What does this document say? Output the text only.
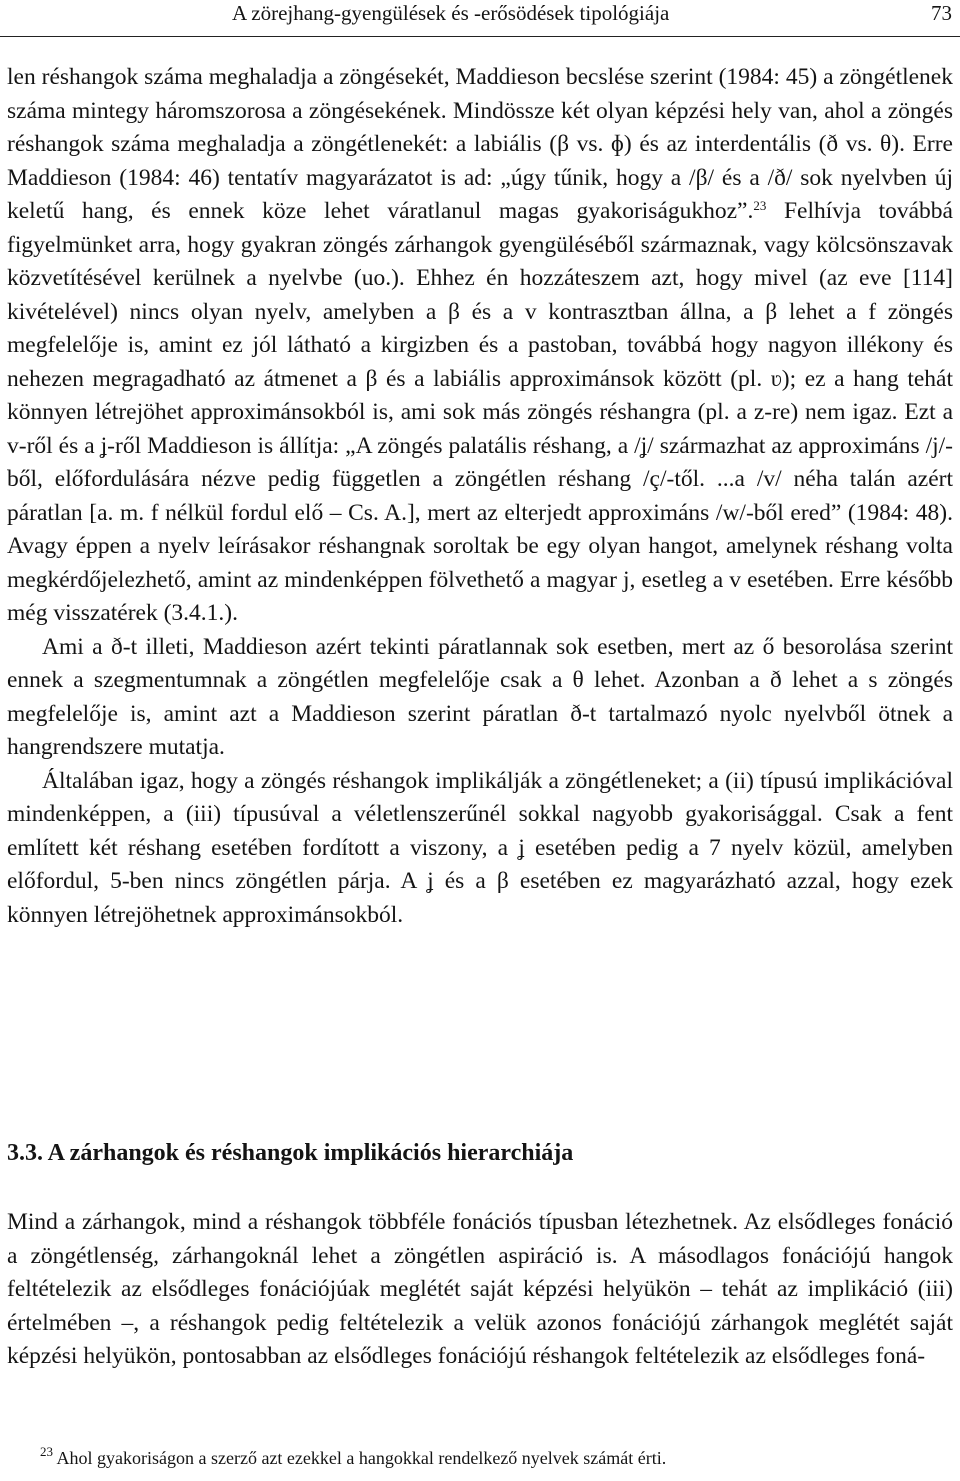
A zörejhang-gyengülések és -erősödések tipológiája	73

len réshangok száma meghaladja a zöngésekét, Maddieson becslése szerint (1984: 45) a zöngétlenek száma mintegy háromszorosa a zöngésekének. Mindössze két olyan képzési hely van, ahol a zöngés réshangok száma meghaladja a zöngétlenekét: a labiális (β vs. ɸ) és az interdentális (ð vs. θ). Erre Maddieson (1984: 46) tentatív magyarázatot is ad: „úgy tűnik, hogy a /β/ és a /ð/ sok nyelvben új keletű hang, és ennek köze lehet váratlanul magas gyakoriságukhoz”.$^{23}$ Felhívja továbbá figyelmünket arra, hogy gyakran zöngés zárhangok gyengüléséből származnak, vagy kölcsönszavak közvetítésével kerülnek a nyelvbe (uo.). Ehhez én hozzáteszem azt, hogy mivel (az eve [114] kivételével) nincs olyan nyelv, amelyben a β és a v kontrasztban állna, a β lehet a f zöngés megfelelője is, amint ez jól látható a kirgizben és a pastoban, továbbá hogy nagyon illékony és nehezen megragadható az átmenet a β és a labiális approximánsok között (pl. ʋ); ez a hang tehát könnyen létrejöhet approximánsokból is, ami sok más zöngés réshangra (pl. a z-re) nem igaz. Ezt a v-ről és a ʝ-ről Maddieson is állítja: „A zöngés palatális réshang, a /ʝ/ származhat az approximáns /j/-ből, előfordulására nézve pedig független a zöngétlen réshang /ç/-től. ...a /v/ néha talán azért páratlan [a. m. f nélkül fordul elő – Cs. A.], mert az elterjedt approximáns /w/-ből ered” (1984: 48). Avagy éppen a nyelv leírásakor réshangnak soroltak be egy olyan hangot, amelynek réshang volta megkérdőjelezhető, amint az mindenképpen fölvethető a magyar j, esetleg a v esetében. Erre később még visszatérek (3.4.1.).

Ami a ð-t illeti, Maddieson azért tekinti páratlannak sok esetben, mert az ő besorolása szerint ennek a szegmentumnak a zöngétlen megfelelője csak a θ lehet. Azonban a ð lehet a s zöngés megfelelője is, amint azt a Maddieson szerint páratlan ð-t tartalmazó nyolc nyelvből ötnek a hangrendszere mutatja.

Általában igaz, hogy a zöngés réshangok implikálják a zöngétleneket; a (ii) típusú implikációval mindenképpen, a (iii) típusúval a véletlenszerűnél sokkal nagyobb gyakorisággal. Csak a fent említett két réshang esetében fordított a viszony, a ʝ esetében pedig a 7 nyelv közül, amelyben előfordul, 5-ben nincs zöngétlen párja. A ʝ és a β esetében ez magyarázható azzal, hogy ezek könnyen létrejöhetnek approximánsokból.

3.3. A zárhangok és réshangok implikációs hierarchiája

Mind a zárhangok, mind a réshangok többféle fonációs típusban létezhetnek. Az elsődleges fonáció a zöngétlenség, zárhangoknál lehet a zöngétlen aspiráció is. A másodlagos fonációjú hangok feltételezik az elsődleges fonációjúak meglétét saját képzési helyükön – tehát az implikáció (iii) értelmében –, a réshangok pedig feltételezik a velük azonos fonációjú zárhangok meglétét saját képzési helyükön, pontosabban az elsődleges fonációjú réshangok feltételezik az elsődleges foná-

$^{23}$ Ahol gyakoriságon a szerző azt ezekkel a hangokkal rendelkező nyelvek számát érti.
